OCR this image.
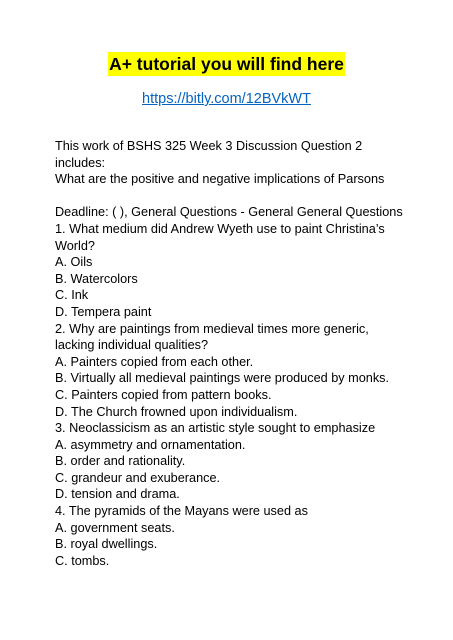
A+ tutorial you will find here
https://bitly.com/12BVkWT
This work of BSHS 325 Week 3 Discussion Question 2
includes:
What are the positive and negative implications of Parsons
Deadline: ( ), General Questions - General General Questions
1. What medium did Andrew Wyeth use to paint Christina’s
World?
A. Oils
B. Watercolors
C. Ink
D. Tempera paint
2. Why are paintings from medieval times more generic,
lacking individual qualities?
A. Painters copied from each other.
B. Virtually all medieval paintings were produced by monks.
C. Painters copied from pattern books.
D. The Church frowned upon individualism.
3. Neoclassicism as an artistic style sought to emphasize
A. asymmetry and ornamentation.
B. order and rationality.
C. grandeur and exuberance.
D. tension and drama.
4. The pyramids of the Mayans were used as
A. government seats.
B. royal dwellings.
C. tombs.
